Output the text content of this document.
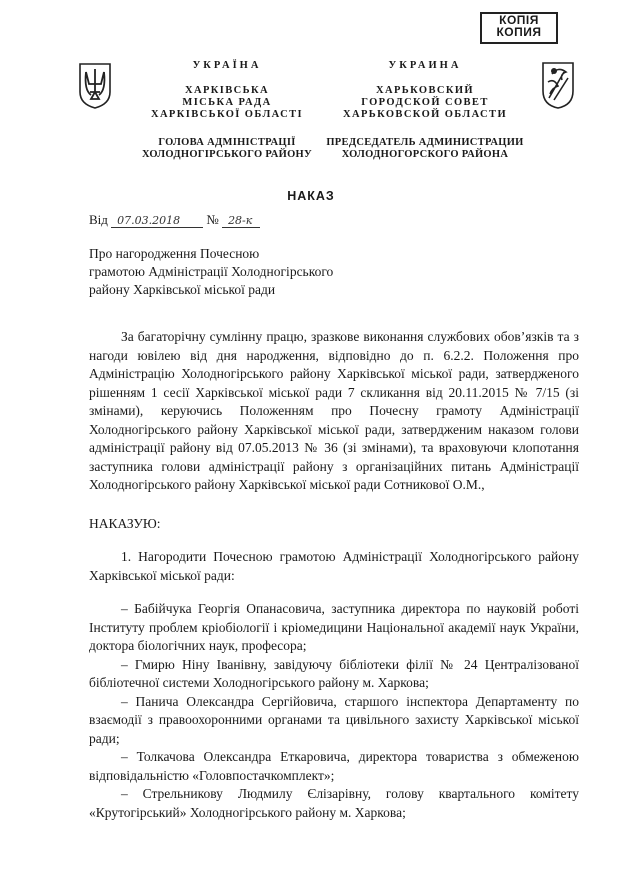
КОПІЯ
КОПИЯ
УКРАЇНА
ХАРКІВСЬКА
МІСЬКА РАДА
ХАРКІВСЬКОЇ ОБЛАСТІ
ГОЛОВА АДМІНІСТРАЦІЇ
ХОЛОДНОГІРСЬКОГО РАЙОНУ
УКРАИНА
ХАРЬКОВСКИЙ
ГОРОДСКОЙ СОВЕТ
ХАРЬКОВСКОЙ ОБЛАСТИ
ПРЕДСЕДАТЕЛЬ АДМИНИСТРАЦИИ
ХОЛОДНОГОРСКОГО РАЙОНА
НАКАЗ
Від 07.03.2018 № 28-к
Про нагородження Почесною
грамотою Адміністрації Холодногірського
району Харківської міської ради
За багаторічну сумлінну працю, зразкове виконання службових обов’язків та з нагоди ювілею від дня народження, відповідно до п. 6.2.2. Положення про Адміністрацію Холодногірського району Харківської міської ради, затвердженого рішенням 1 сесії Харківської міської ради 7 скликання від 20.11.2015 № 7/15 (зі змінами), керуючись Положенням про Почесну грамоту Адміністрації Холодногірського району Харківської міської ради, затвердженим наказом голови адміністрації району від 07.05.2013 № 36 (зі змінами), та враховуючи клопотання заступника голови адміністрації району з організаційних питань Адміністрації Холодногірського району Харківської міської ради Сотникової О.М.,
НАКАЗУЮ:
1. Нагородити Почесною грамотою Адміністрації Холодногірського району Харківської міської ради:
– Бабійчука Георгія Опанасовича, заступника директора по науковій роботі Інституту проблем кріобіології і кріомедицини Національної академії наук України, доктора біологічних наук, професора;
– Гмирю Ніну Іванівну, завідуючу бібліотеки філії № 24 Централізованої бібліотечної системи Холодногірського району м. Харкова;
– Панича Олександра Сергійовича, старшого інспектора Департаменту по взаємодії з правоохоронними органами та цивільного захисту Харківської міської ради;
– Толкачова Олександра Еткаровича, директора товариства з обмеженою відповідальністю «Головпостачкомплект»;
– Стрельникову Людмилу Єлізарівну, голову квартального комітету «Крутогірський» Холодногірського району м. Харкова;
